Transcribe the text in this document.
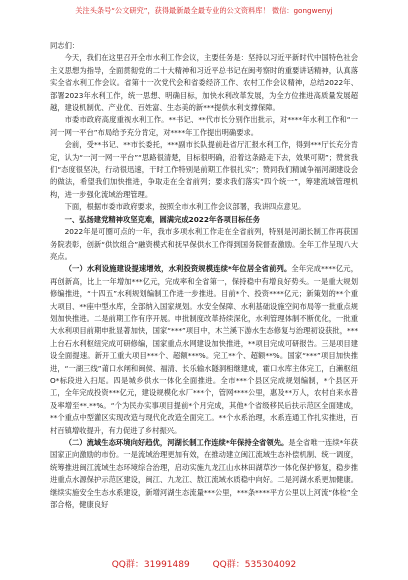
关注头条号“公文研究”，获得最新最全最专业的公文资料库！ 微信：gongwenyj

同志们：

今天，我们在这里召开全市水利工作会议，主要任务是：坚持以习近平新时代中国特色社会主义思想为指导，全面贯彻党的二十大精神和习近平总书记在闽考察时的重要讲话精神，认真落实全省水利工作会议。省第十一次党代会和省委经济工作、农村工作会议精神，总结2022年、部署2023年水利工作，统一思想、明确目标，加快水利改革发展，为全方位推进高质量发展超越，建设机制优、产业优、百姓富、生态美的新***提供水利支撑保障。

市委市政府高度重视水利工作。**书记、**代市长分别作出批示，对****年水利工作和“一河一网一平台”布局给予充分肯定，对****年工作提出明确要求。

会前，受**书记、**市长委托，***副市长队提前赴省厅汇报水利工作，得到***厅长充分肯定，认为“一河一网一平台”“思路很清楚，目标很明确，沿着这条路走下去，效果可期”；赞赏我们“态度很坚决，行动很迅速，干时工作特别是前期工作很扎实”；赞同我们精诚争福河湖建设会的做法，希望我们加快推进，争取走在全省前列；要求我们落实“四个统一”，筹建流域管理机构，进一步强化流域治理管理。

下面，根据市委市政府要求，按照全市水利工作会议部署，我讲四点意见。

一、弘扬建党精神攻坚克难，圆满完成2022年各项目标任务

2022年是可圈可点的一年，我市多项水利工作走在全省前列，特别是河湖长制工作再获国务院表彰，创新“供饮组合”融资模式和抚早保供水工作得到国务院督查激励。全年工作呈现八大亮点。

（一）水利设施建设提速增效，水利投资规模连续*年位居全省前列。全年完成****亿元，再创新高，比上一年增加***亿元，完成率和全省第一，保持稳中有增良好势头。一是重大规划修编推进，“十四五”水利规划编制工作进一步推进。目前*个、投资****亿元；新策划的**个重大项目、**座中型水库，全部纳入国家规划。水安全保障、水利基础设施空间布局等一批重点规划加快推进。二是前期工作有序开展。申批制度改革持续深化，水利管理体制不断优化，一批重大水利项目前期申批显著加快，国家“***”项目中，木兰溪下游水生态修复与治理初设获批，***上台石水利枢纽完成可研修编，国家重点水网建设加快推进，**项目完成可研报告。三是项目建设全面提速。新开工重大项目***个、超额***%。完工**个、超额**%。国家“***”项目加快推进，“一湖三线”莆口水闸和闽侯、福清、长乐输水隧洞相继建成，霍口水库主体完工，白濑枢纽O*标段进入扫尾。四是城乡供水一体化全面推进。全市***个县区完成规划编制，*个县区开工，全年完成投资***亿元，建设规模化水厂***个，管网****公里，惠及**万人，农村自来水普及率增至**.**%。“个为民办实事项目提前*个月完成，其他*个省级移民后扶示范区全面建成，**个重点中型灌区实现改造与现代化改造全面完工。**个水系治理，水系连通工作扎实推进，百村百镇增收提升，有力促进了乡村振兴。

（二）流域生态环境向好趋优，河湖长制工作连续*年保持全省领先。是全省唯一连续*年获国家正向激励的市份。一是流域治理更加有效，在推动建立闽江流域生态补偿机制、统一调度，统筹推进闽江流域生态环境综合治理，启动实施九龙江山水林田湖草沙一体化保护修复，稳步推进重点水源保护示范区建设，闽江、九龙江、敖江流域水质稳中向好。二是河湖水系更加健康。继续实施安全生态水系建设，新增河湖生态流量***公里，***条****平方公里以上河流“体检”全部合格，健康良好

QQ群：31991489	QQ群：535304092
